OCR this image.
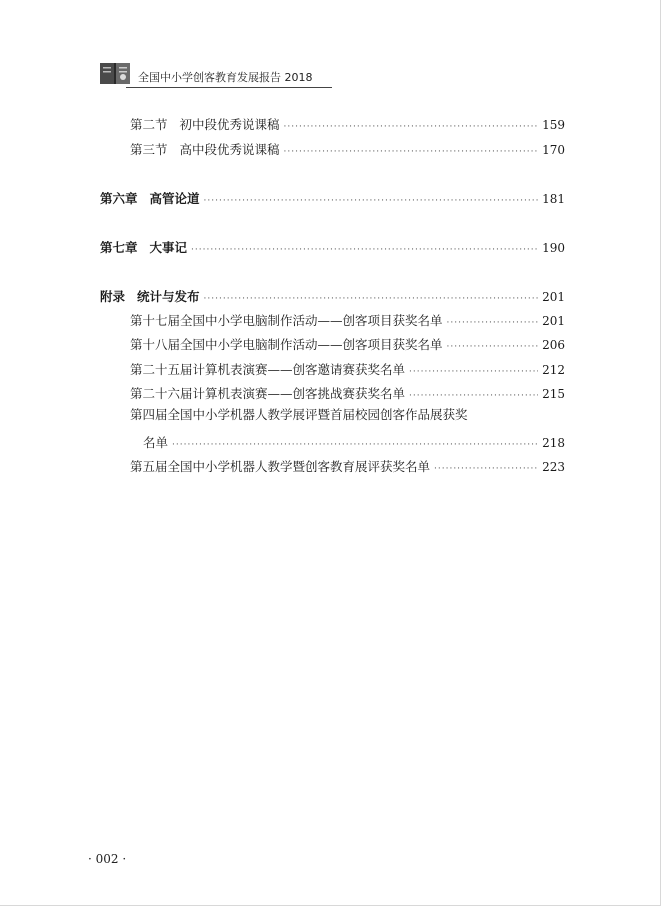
全国中小学创客教育发展报告 2018
第二节 初中段优秀说课稿 ·····	159
第三节 高中段优秀说课稿 ·····	170
第六章 高管论道 ·····	181
第七章 大事记 ·····	190
附录 统计与发布 ·····	201
第十七届全国中小学电脑制作活动——创客项目获奖名单 ·····	201
第十八届全国中小学电脑制作活动——创客项目获奖名单 ·····	206
第二十五届计算机表演赛——创客邀请赛获奖名单 ·····	212
第二十六届计算机表演赛——创客挑战赛获奖名单 ·····	215
第四届全国中小学机器人教学展评暨首届校园创客作品展获奖
名单 ·····	218
第五届全国中小学机器人教学暨创客教育展评获奖名单 ·····	223
· 002 ·
